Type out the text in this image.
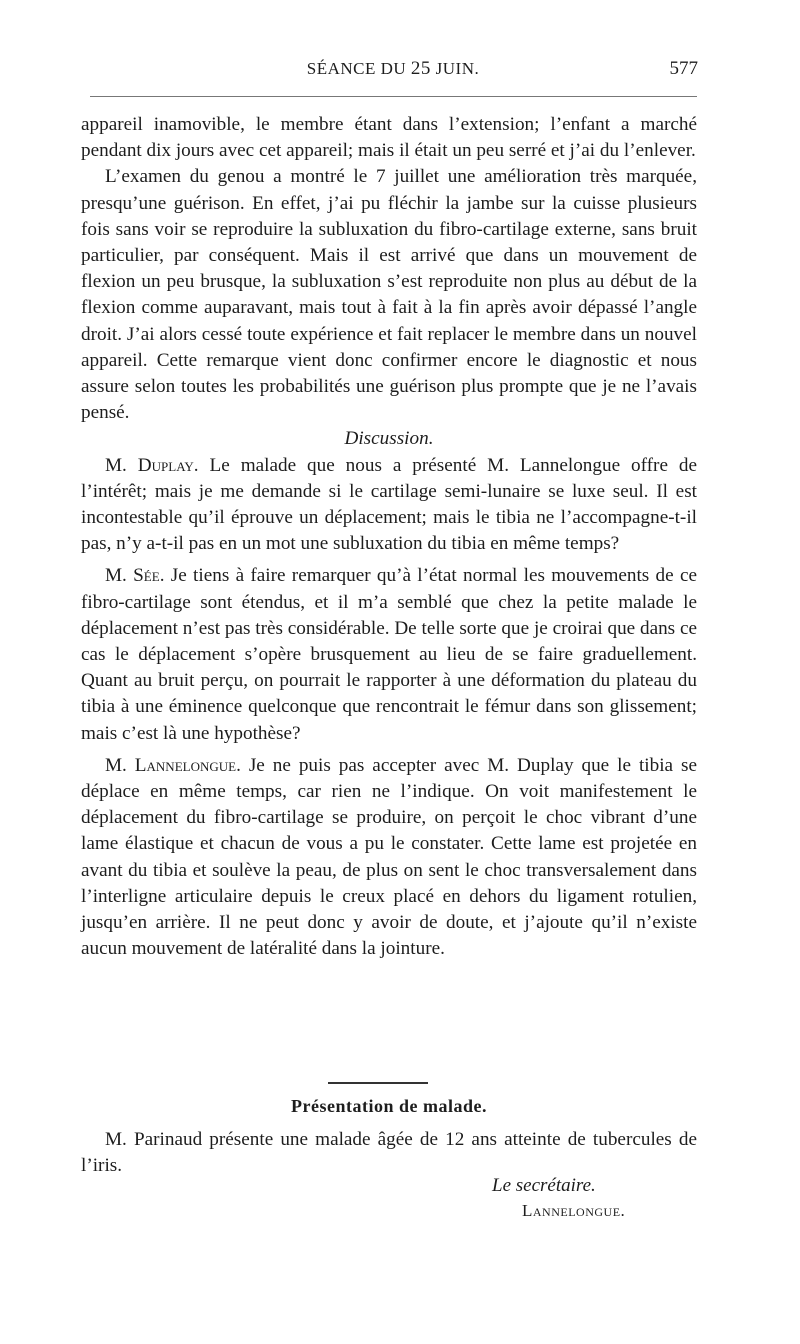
SÉANCE DU 25 JUIN.	577

appareil inamovible, le membre étant dans l’extension; l’enfant a marché pendant dix jours avec cet appareil; mais il était un peu serré et j’ai du l’enlever.

L’examen du genou a montré le 7 juillet une amélioration très marquée, presqu’une guérison. En effet, j’ai pu fléchir la jambe sur la cuisse plusieurs fois sans voir se reproduire la subluxation du fibro-cartilage externe, sans bruit particulier, par conséquent. Mais il est arrivé que dans un mouvement de flexion un peu brusque, la subluxation s’est reproduite non plus au début de la flexion comme auparavant, mais tout à fait à la fin après avoir dépassé l’angle droit. J’ai alors cessé toute expérience et fait replacer le membre dans un nouvel appareil. Cette remarque vient donc confirmer encore le diagnostic et nous assure selon toutes les probabilités une guérison plus prompte que je ne l’avais pensé.

Discussion.

M. Duplay. Le malade que nous a présenté M. Lannelongue offre de l’intérêt; mais je me demande si le cartilage semi-lunaire se luxe seul. Il est incontestable qu’il éprouve un déplacement; mais le tibia ne l’accompagne-t-il pas, n’y a-t-il pas en un mot une subluxation du tibia en même temps?

M. Sée. Je tiens à faire remarquer qu’à l’état normal les mouvements de ce fibro-cartilage sont étendus, et il m’a semblé que chez la petite malade le déplacement n’est pas très considérable. De telle sorte que je croirai que dans ce cas le déplacement s’opère brusquement au lieu de se faire graduellement. Quant au bruit perçu, on pourrait le rapporter à une déformation du plateau du tibia à une éminence quelconque que rencontrait le fémur dans son glissement; mais c’est là une hypothèse?

M. Lannelongue. Je ne puis pas accepter avec M. Duplay que le tibia se déplace en même temps, car rien ne l’indique. On voit manifestement le déplacement du fibro-cartilage se produire, on perçoit le choc vibrant d’une lame élastique et chacun de vous a pu le constater. Cette lame est projetée en avant du tibia et soulève la peau, de plus on sent le choc transversalement dans l’interligne articulaire depuis le creux placé en dehors du ligament rotulien, jusqu’en arrière. Il ne peut donc y avoir de doute, et j’ajoute qu’il n’existe aucun mouvement de latéralité dans la jointure.

Présentation de malade.

M. Parinaud présente une malade âgée de 12 ans atteinte de tubercules de l’iris.

Le secrétaire.
Lannelongue.
